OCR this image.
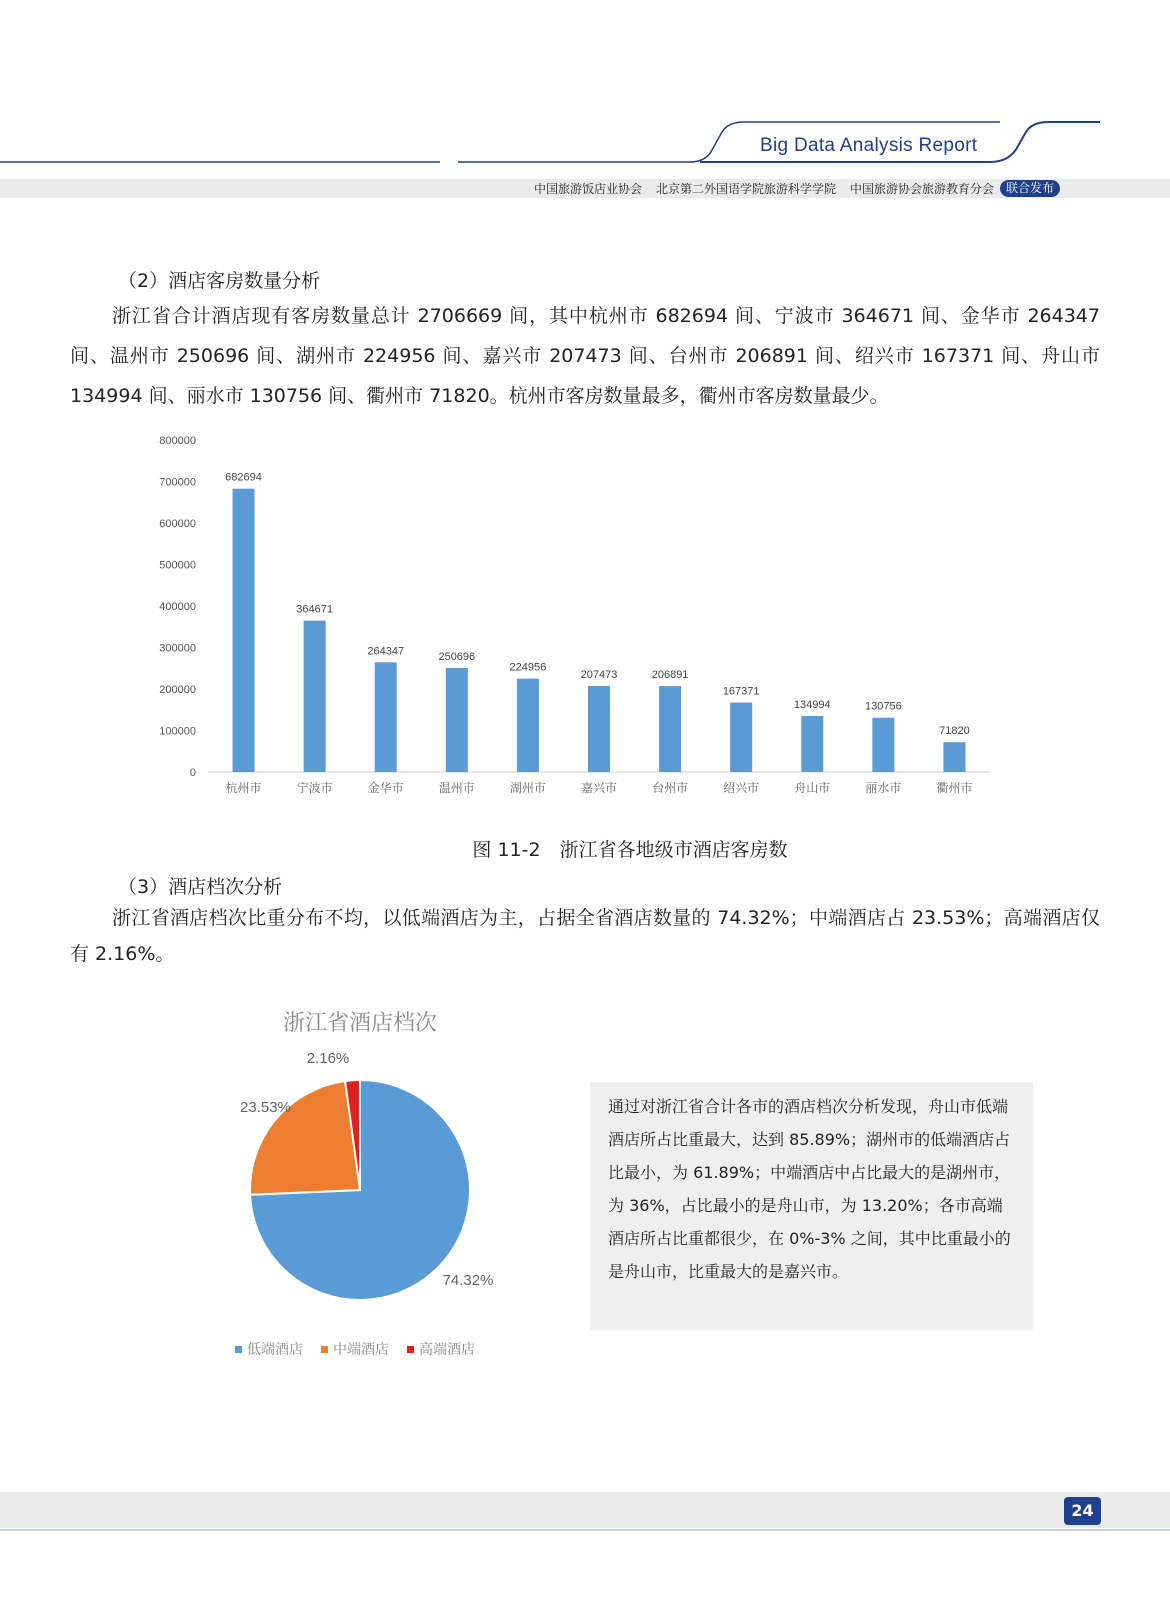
Big Data Analysis Report
中国旅游饭店业协会 北京第二外国语学院旅游科学学院 中国旅游协会旅游教育分会	联合发布
（2）酒店客房数量分析
浙江省合计酒店现有客房数量总计 2706669 间，其中杭州市 682694 间、宁波市 364671 间、金华市 264347 间、温州市 250696 间、湖州市 224956 间、嘉兴市 207473 间、台州市 206891 间、绍兴市 167371 间、舟山市 134994 间、丽水市 130756 间、衢州市 71820。杭州市客房数量最多，衢州市客房数量最少。
0
100000
200000
300000
400000
500000
600000
700000
800000
682694
杭州市
364671
宁波市
264347
金华市
250696
温州市
224956
湖州市
207473
嘉兴市
206891
台州市
167371
绍兴市
134994
舟山市
130756
丽水市
71820
衢州市
图 11-2　浙江省各地级市酒店客房数
（3）酒店档次分析
浙江省酒店档次比重分布不均，以低端酒店为主，占据全省酒店数量的 74.32%；中端酒店占 23.53%；高端酒店仅有 2.16%。
浙江省酒店档次
74.32%
23.53%
2.16%
低端酒店 中端酒店 高端酒店
通过对浙江省合计各市的酒店档次分析发现，舟山市低端酒店所占比重最大，达到 85.89%；湖州市的低端酒店占比最小，为 61.89%；中端酒店中占比最大的是湖州市，为 36%，占比最小的是舟山市，为 13.20%；各市高端酒店所占比重都很少，在 0%-3% 之间，其中比重最小的是舟山市，比重最大的是嘉兴市。
24
